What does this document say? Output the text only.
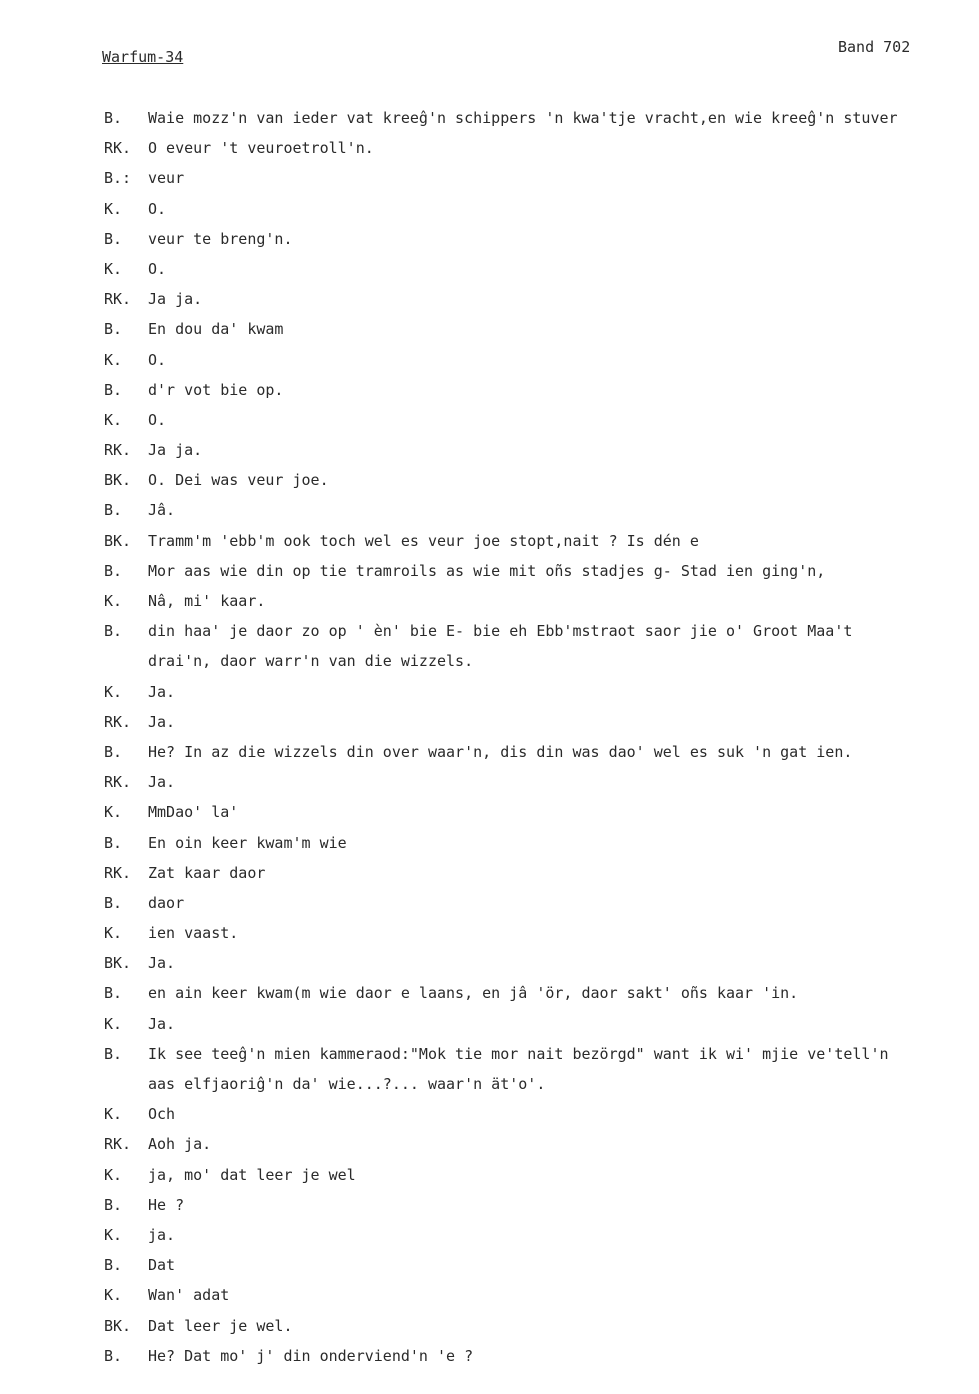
Warfum-34
Band 702
B.	Waie mozz'n van ieder vat kreeĝ'n schippers 'n kwa'tje vracht,en wie kreeĝ'n stuver
RK.	O eveur 't veuroetroll'n.
B.:	veur
K.	O.
B.	veur te breng'n.
K.	O.
RK.	Ja ja.
B.	En dou da' kwam
K.	O.
B.	d'r vot bie op.
K.	O.
RK.	Ja ja.
BK.	O. Dei was veur joe.
B.	Jâ.
BK.	Tramm'm 'ebb'm ook toch wel es veur joe stopt,nait ? Is dén e
B.	Mor aas wie din op tie tramroils as wie mit oñs stadjes g- Stad ien ging'n,
K.	Nâ, mi' kaar.
B.	din haa' je daor zo op ' èn' bie E- bie eh Ebb'mstraot saor jie o' Groot Maa't
drai'n, daor warr'n van die wizzels.
K.	Ja.
RK.	Ja.
B.	He? In az die wizzels din over waar'n, dis din was dao' wel es suk 'n gat ien.
RK.	Ja.
K.	MmDao' la'
B.	En oin keer kwam'm wie
RK.	Zat kaar daor
B.	daor
K.	ien vaast.
BK.	Ja.
B.	en ain keer kwam(m wie daor e laans, en jâ 'ör, daor sakt' oñs kaar 'in.
K.	Ja.
B.	Ik see teeĝ'n mien kammeraod:"Mok tie mor nait bezörgd" want ik wi' mjie ve'tell'n
aas elfjaoriĝ'n da' wie...?... waar'n ät'o'.
K.	Och
RK.	Aoh ja.
K.	ja, mo' dat leer je wel
B.	He ?
K.	ja.
B.	Dat
K.	Wan' adat
BK.	Dat leer je wel.
B.	He? Dat mo' j' din onderviend'n 'e ?
